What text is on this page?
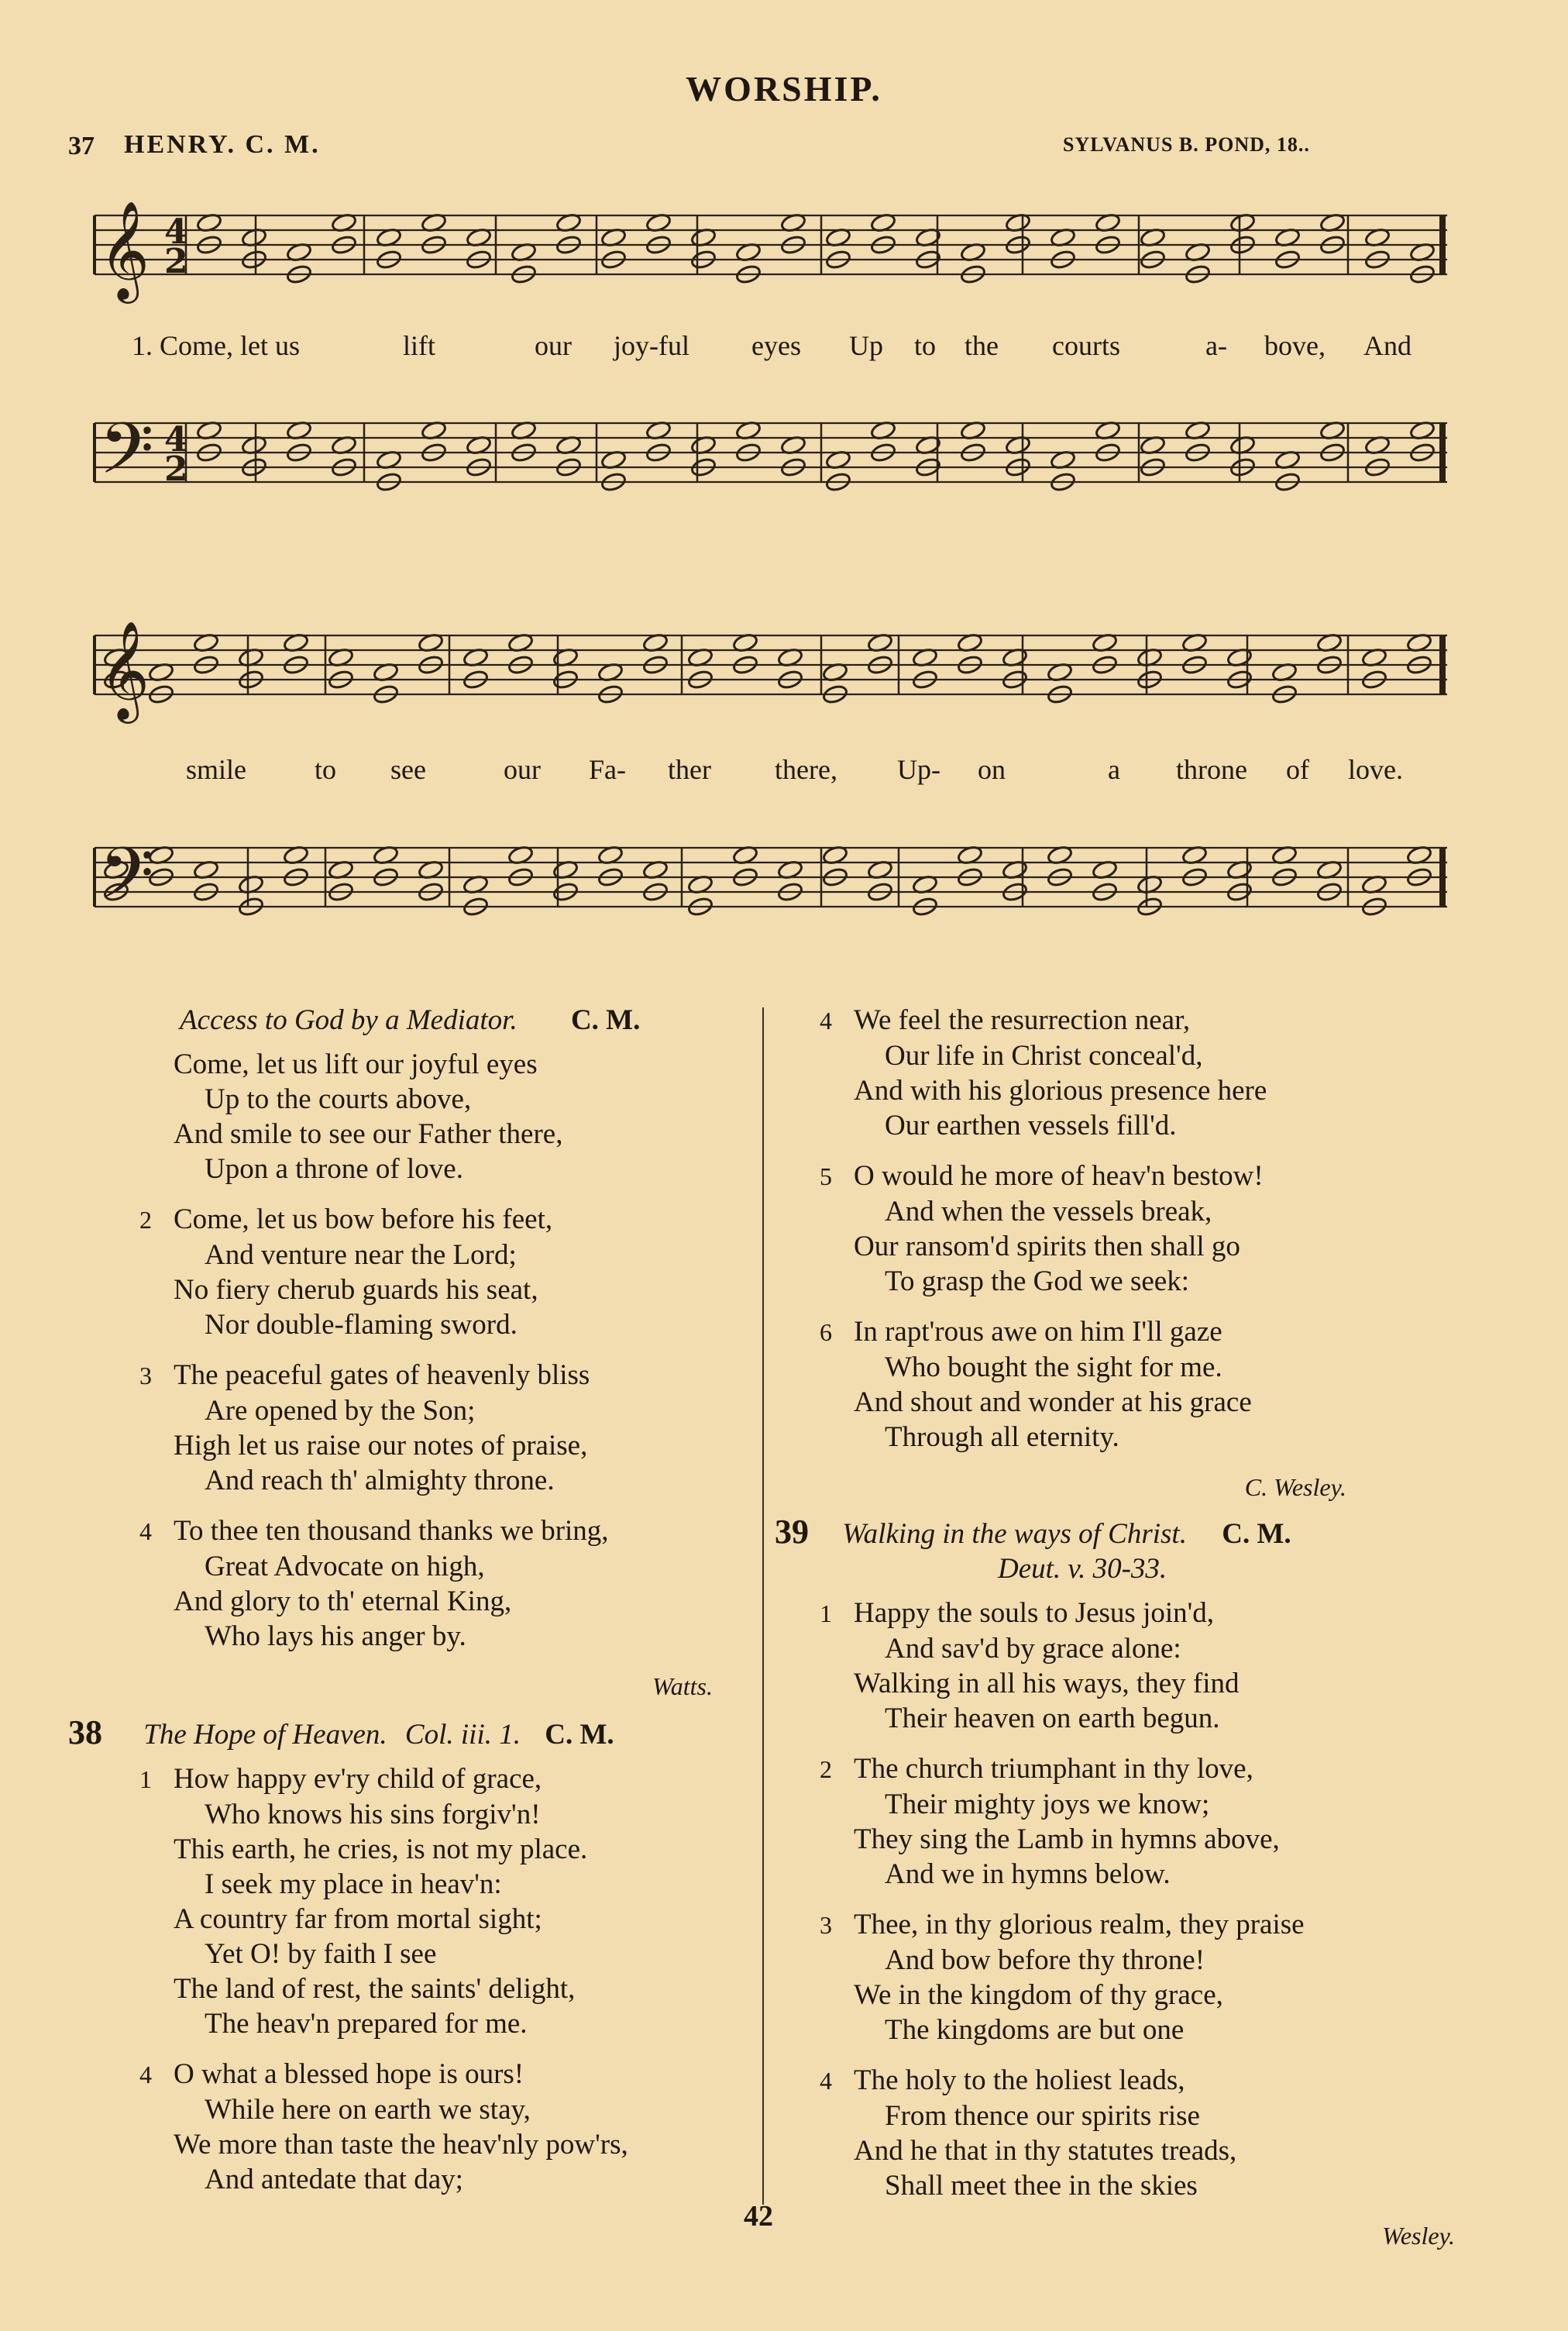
WORSHIP.
37 HENRY. C. M.	SYLVANUS B. POND, 18..
𝄞 4
2
𝄢 4
2
𝄞
𝄢
1. Come, let us	lift	our joy-ful eyes Up to the courts	a- bove, And
smile to see	our Fa- ther there, Up- on	a throne of love.

Access to God by a Mediator. C. M.

Come, let us lift our joyful eyes

Up to the courts above,

And smile to see our Father there,

Upon a throne of love.

2 Come, let us bow before his feet,

And venture near the Lord;

No fiery cherub guards his seat,

Nor double-flaming sword.

3 The peaceful gates of heavenly bliss

Are opened by the Son;

High let us raise our notes of praise,

And reach th' almighty throne.

4 To thee ten thousand thanks we bring,

Great Advocate on high,

And glory to th' eternal King,

Who lays his anger by.

Watts.

38 The Hope of Heaven. Col. iii. 1. C. M.

1 How happy ev'ry child of grace,

Who knows his sins forgiv'n!

This earth, he cries, is not my place.

I seek my place in heav'n:

A country far from mortal sight;

Yet O! by faith I see

The land of rest, the saints' delight,

The heav'n prepared for me.

4 O what a blessed hope is ours!

While here on earth we stay,

We more than taste the heav'nly pow'rs,

And antedate that day;

4 We feel the resurrection near,

Our life in Christ conceal'd,

And with his glorious presence here

Our earthen vessels fill'd.

5 O would he more of heav'n bestow!

And when the vessels break,

Our ransom'd spirits then shall go

To grasp the God we seek:

6 In rapt'rous awe on him I'll gaze

Who bought the sight for me.

And shout and wonder at his grace

Through all eternity.

C. Wesley.

39 Walking in the ways of Christ. C. M.

Deut. v. 30-33.

1 Happy the souls to Jesus join'd,

And sav'd by grace alone:

Walking in all his ways, they find

Their heaven on earth begun.

2 The church triumphant in thy love,

Their mighty joys we know;

They sing the Lamb in hymns above,

And we in hymns below.

3 Thee, in thy glorious realm, they praise

And bow before thy throne!

We in the kingdom of thy grace,

The kingdoms are but one

4 The holy to the holiest leads,

From thence our spirits rise

And he that in thy statutes treads,

Shall meet thee in the skies

Wesley.

42
